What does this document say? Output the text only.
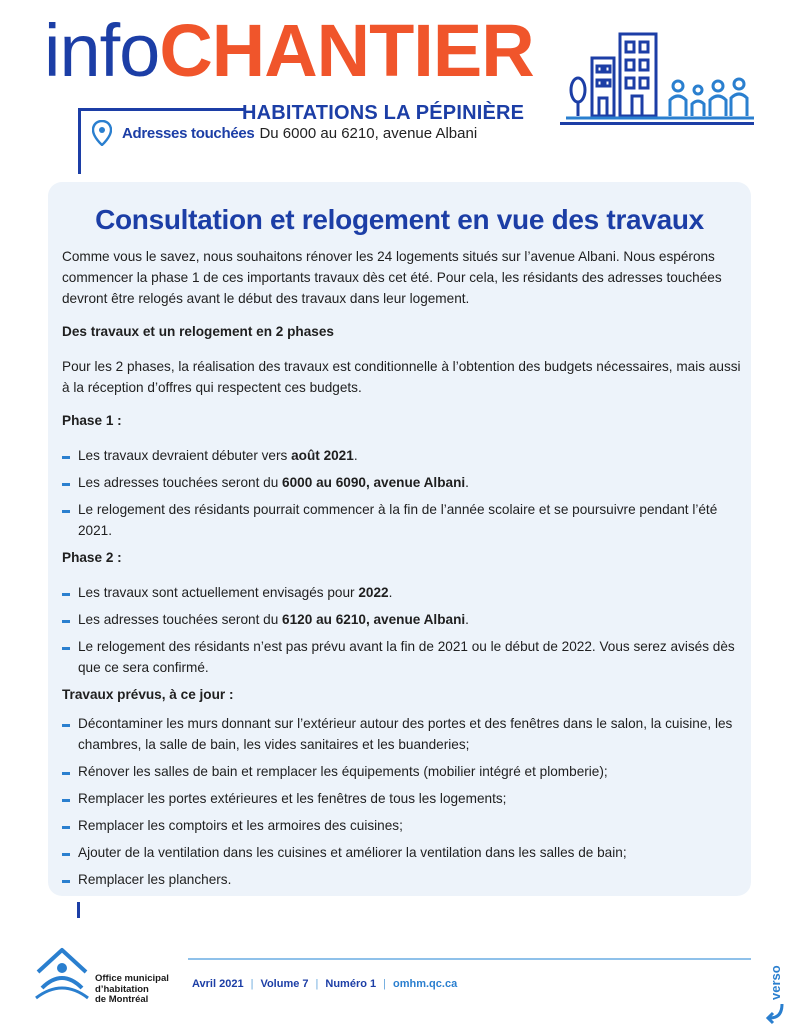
infoCHANTIER
HABITATIONS LA PÉPINIÈRE
Adresses touchées Du 6000 au 6210, avenue Albani
Consultation et relogement en vue des travaux

Comme vous le savez, nous souhaitons rénover les 24 logements situés sur l’avenue Albani. Nous espérons commencer la phase 1 de ces importants travaux dès cet été. Pour cela, les résidants des adresses touchées devront être relogés avant le début des travaux dans leur logement.

Des travaux et un relogement en 2 phases

Pour les 2 phases, la réalisation des travaux est conditionnelle à l’obtention des budgets nécessaires, mais aussi à la réception d’offres qui respectent ces budgets.

Phase 1 :

Les travaux devraient débuter vers août 2021.
Les adresses touchées seront du 6000 au 6090, avenue Albani.
Le relogement des résidants pourrait commencer à la fin de l’année scolaire et se poursuivre pendant l’été 2021.

Phase 2 :

Les travaux sont actuellement envisagés pour 2022.
Les adresses touchées seront du 6120 au 6210, avenue Albani.
Le relogement des résidants n’est pas prévu avant la fin de 2021 ou le début de 2022. Vous serez avisés dès que ce sera confirmé.

Travaux prévus, à ce jour :

Décontaminer les murs donnant sur l’extérieur autour des portes et des fenêtres dans le salon, la cuisine, les chambres, la salle de bain, les vides sanitaires et les buanderies;
Rénover les salles de bain et remplacer les équipements (mobilier intégré et plomberie);
Remplacer les portes extérieures et les fenêtres de tous les logements;
Remplacer les comptoirs et les armoires des cuisines;
Ajouter de la ventilation dans les cuisines et améliorer la ventilation dans les salles de bain;
Remplacer les planchers.
Office municipal
d’habitation
de Montréal
Avril 2021 | Volume 7 | Numéro 1 | omhm.qc.ca	verso
